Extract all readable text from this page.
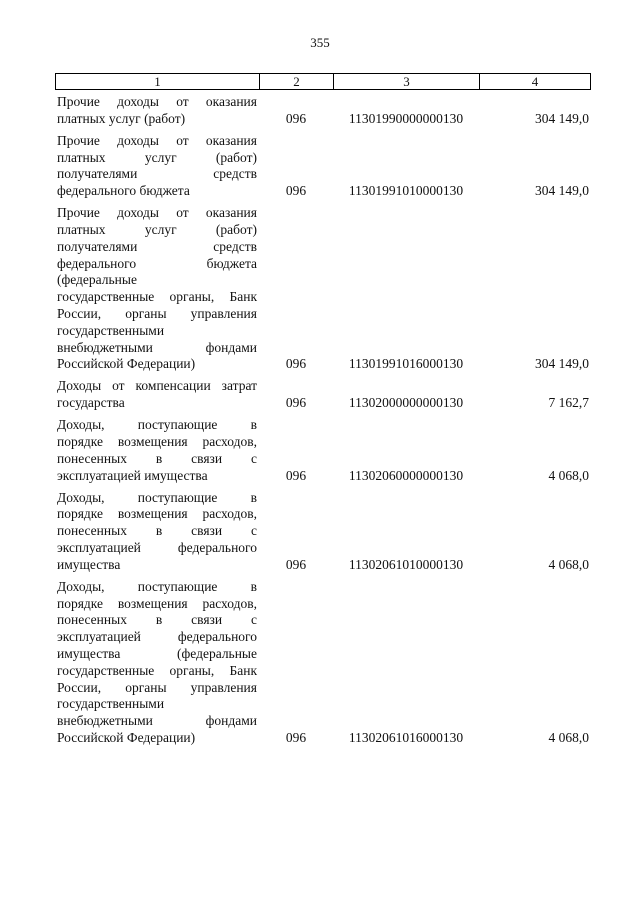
355
1	2	3	4
Прочие доходы от оказания
платных услуг (работ)	096	11301990000000130	304 149,0
Прочие доходы от оказания
платных услуг (работ)
получателями средств
федерального бюджета	096	11301991010000130	304 149,0
Прочие доходы от оказания
платных услуг (работ)
получателями средств
федерального бюджета
(федеральные
государственные органы, Банк
России, органы управления
государственными
внебюджетными фондами
Российской Федерации)	096	11301991016000130	304 149,0
Доходы от компенсации затрат
государства	096	11302000000000130	7 162,7
Доходы, поступающие в
порядке возмещения расходов,
понесенных в связи с
эксплуатацией имущества	096	11302060000000130	4 068,0
Доходы, поступающие в
порядке возмещения расходов,
понесенных в связи с
эксплуатацией федерального
имущества	096	11302061010000130	4 068,0
Доходы, поступающие в
порядке возмещения расходов,
понесенных в связи с
эксплуатацией федерального
имущества (федеральные
государственные органы, Банк
России, органы управления
государственными
внебюджетными фондами
Российской Федерации)	096	11302061016000130	4 068,0
